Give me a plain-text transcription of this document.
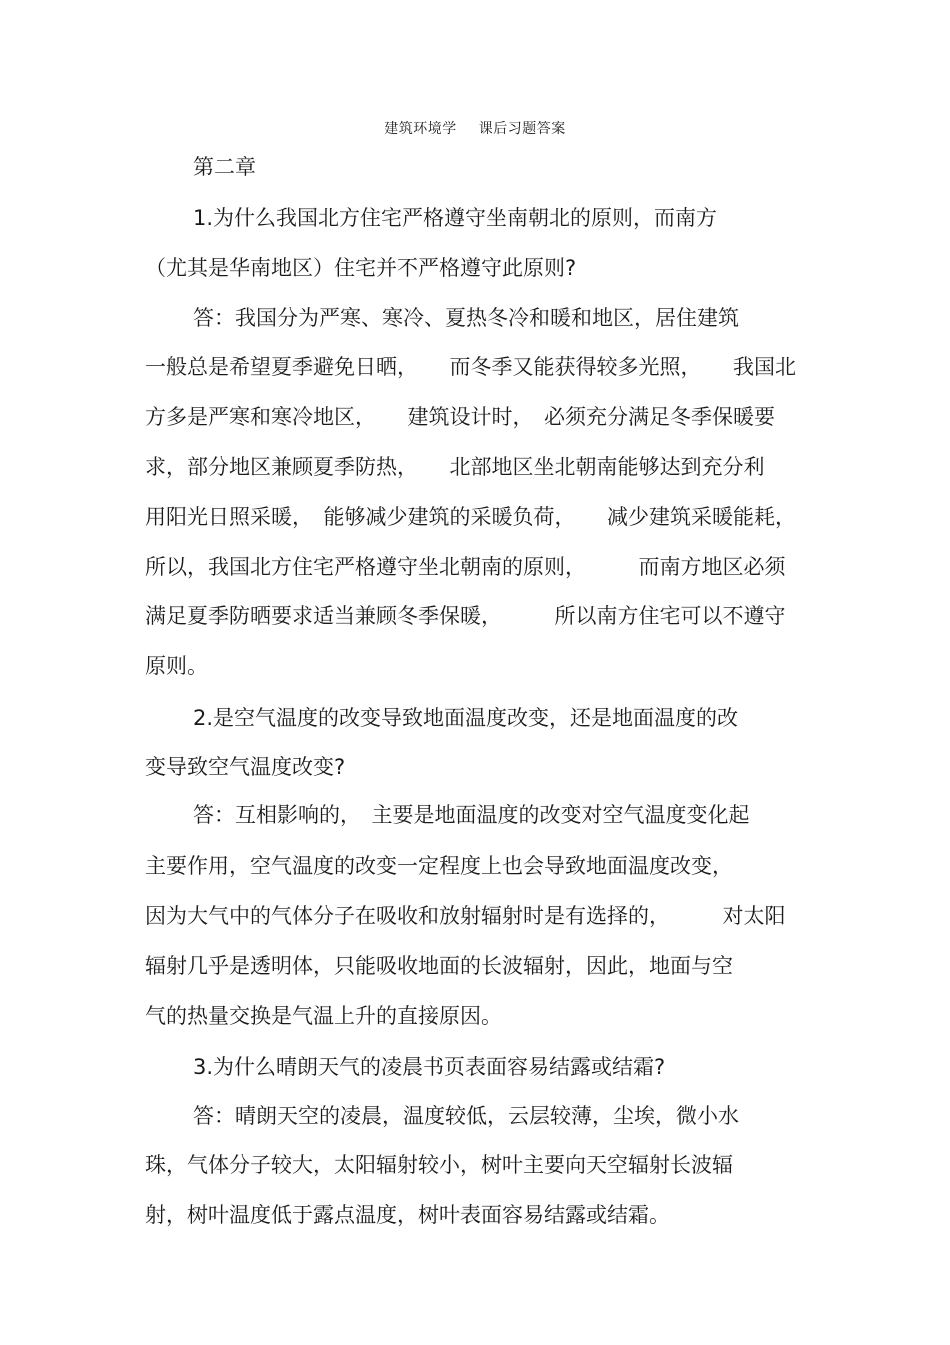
建筑环境学 课后习题答案
第二章
1.为什么我国北方住宅严格遵守坐南朝北的原则，而南方
（尤其是华南地区）住宅并不严格遵守此原则?
答：我国分为严寒、寒冷、夏热冬冷和暖和地区，居住建筑
一般总是希望夏季避免日晒，　　而冬季又能获得较多光照，　　我国北
方多是严寒和寒冷地区，　　建筑设计时，　必须充分满足冬季保暖要
求，部分地区兼顾夏季防热，　　北部地区坐北朝南能够达到充分利
用阳光日照采暖，　能够减少建筑的采暖负荷，　　减少建筑采暖能耗，
所以，我国北方住宅严格遵守坐北朝南的原则，　　　而南方地区必须
满足夏季防晒要求适当兼顾冬季保暖，　　　所以南方住宅可以不遵守
原则。
2.是空气温度的改变导致地面温度改变，还是地面温度的改
变导致空气温度改变?
答：互相影响的，　主要是地面温度的改变对空气温度变化起
主要作用，空气温度的改变一定程度上也会导致地面温度改变，
因为大气中的气体分子在吸收和放射辐射时是有选择的，　　　对太阳
辐射几乎是透明体，只能吸收地面的长波辐射，因此，地面与空
气的热量交换是气温上升的直接原因。
3.为什么晴朗天气的凌晨书页表面容易结露或结霜?
答：晴朗天空的凌晨，温度较低，云层较薄，尘埃，微小水
珠，气体分子较大，太阳辐射较小，树叶主要向天空辐射长波辐
射，树叶温度低于露点温度，树叶表面容易结露或结霜。
